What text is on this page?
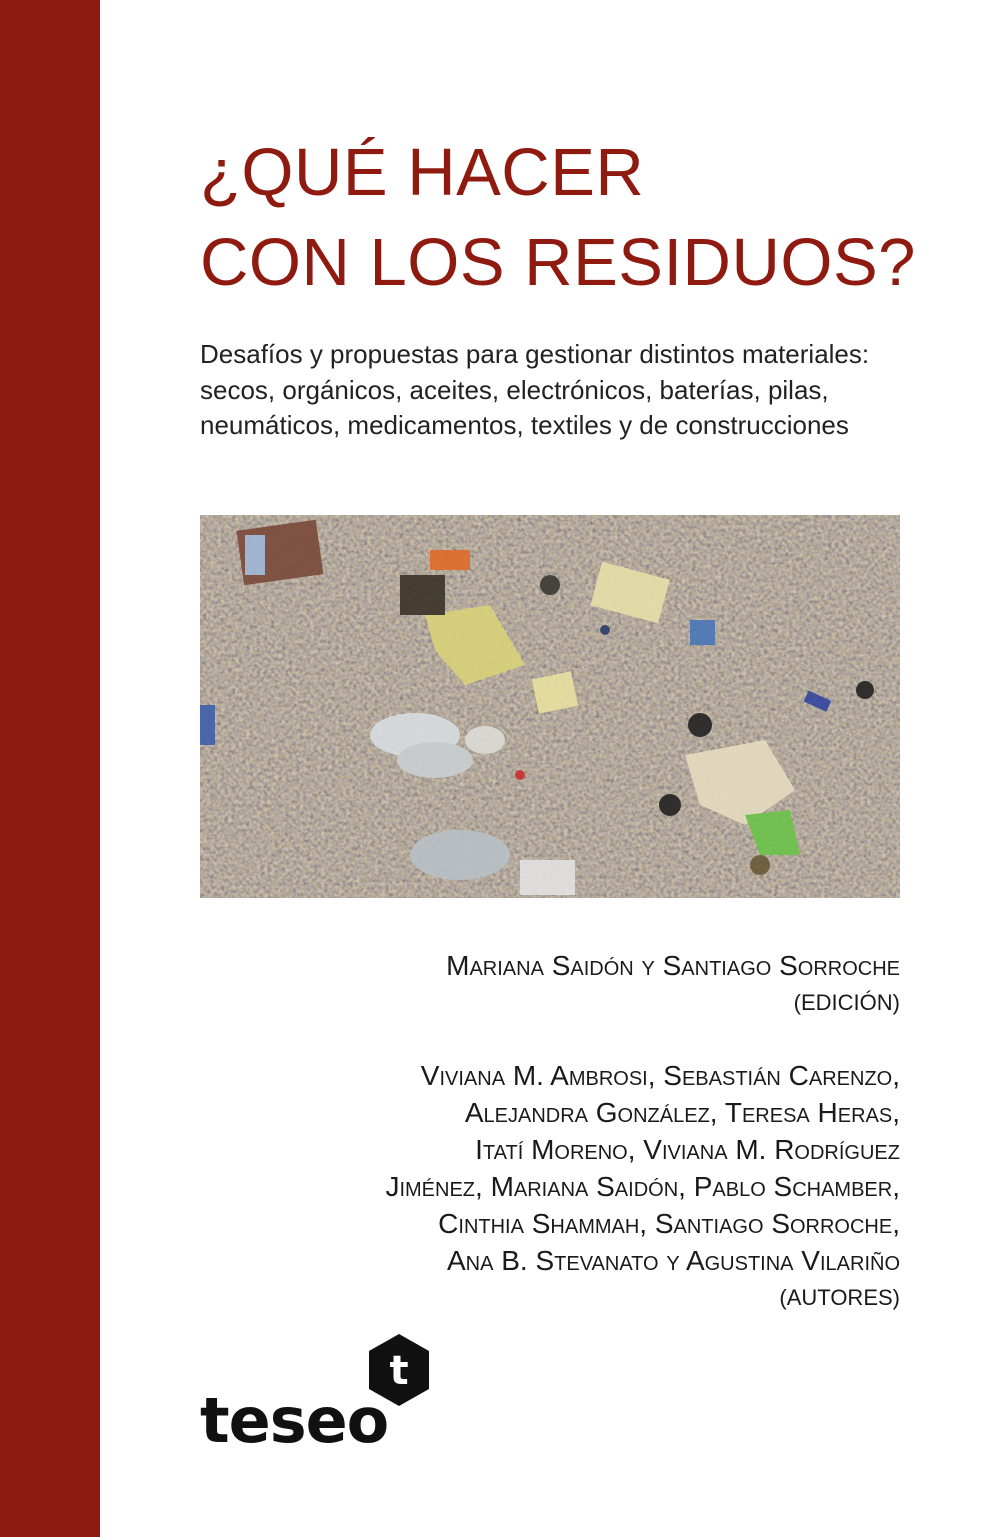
¿QUÉ HACER
CON LOS RESIDUOS?

Desafíos y propuestas para gestionar distintos materiales: secos, orgánicos, aceites, electrónicos, baterías, pilas, neumáticos, medicamentos, textiles y de construcciones

Mariana Saidón y Santiago Sorroche

(EDICIÓN)

Viviana M. Ambrosi, Sebastián Carenzo,
Alejandra González, Teresa Heras,
Itatí Moreno, Viviana M. Rodríguez
Jiménez, Mariana Saidón, Pablo Schamber,
Cinthia Shammah, Santiago Sorroche,
Ana B. Stevanato y Agustina Vilariño

(AUTORES)

t
teseo
